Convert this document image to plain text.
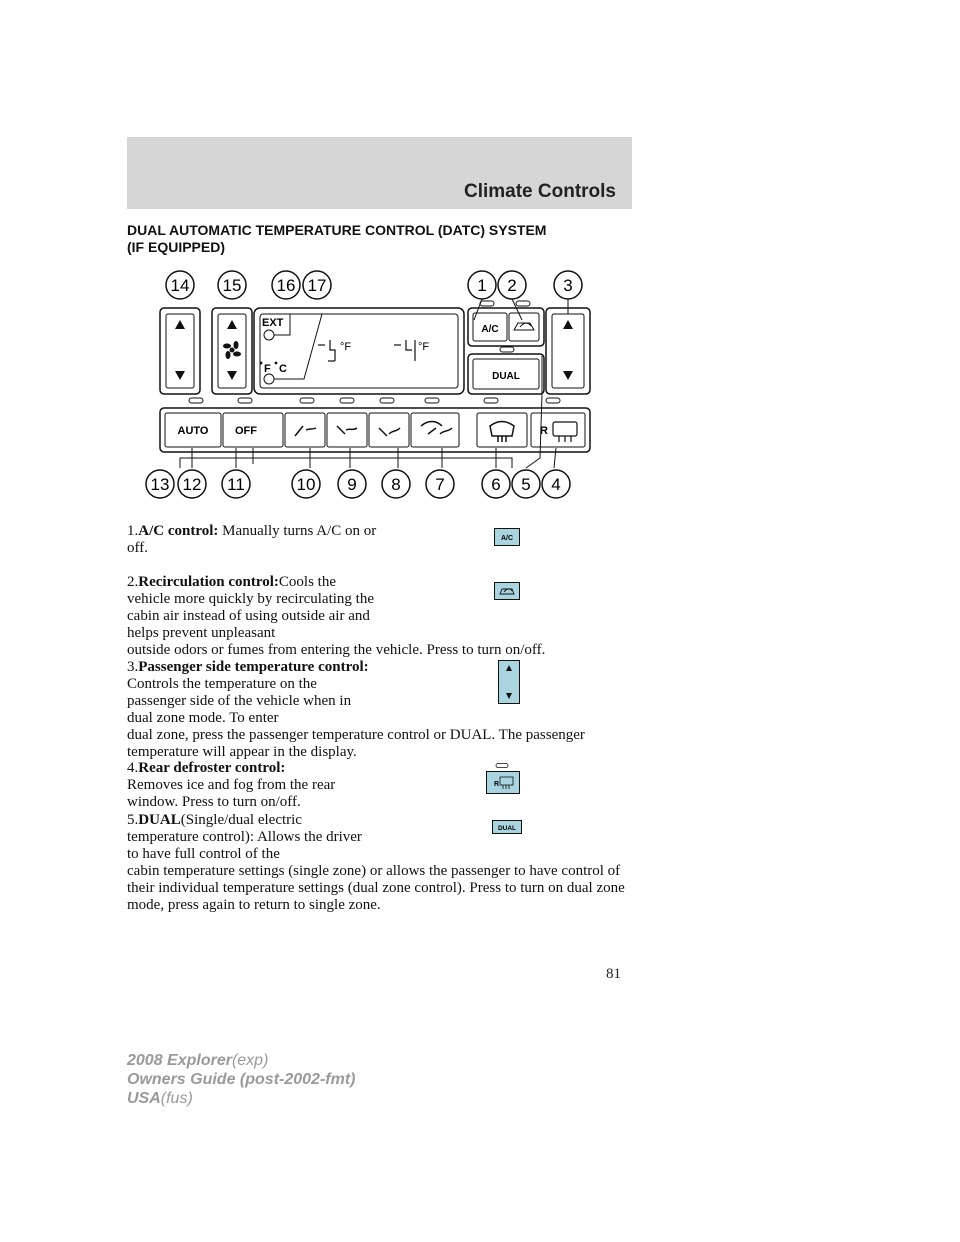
Climate Controls
DUAL AUTOMATIC TEMPERATURE CONTROL (DATC) SYSTEM
(IF EQUIPPED)
14 15 16 17	1 2	3
EXT
F C
°F	°F
A/C
DUAL
AUTO OFF	R
13 12 11	10 9 8 7	6 5 4
1.A/C control: Manually turns A/C on or off.
A/C
2.Recirculation control:Cools the vehicle more quickly by recirculating the cabin air instead of using outside air and helps prevent unpleasant
outside odors or fumes from entering the vehicle. Press to turn on/off.
3.Passenger side temperature control: Controls the temperature on the passenger side of the vehicle when in dual zone mode. To enter
dual zone, press the passenger temperature control or DUAL. The passenger temperature will appear in the display.
4.Rear defroster control:
Removes ice and fog from the rear window. Press to turn on/off.
R
5.DUAL(Single/dual electric temperature control): Allows the driver to have full control of the
cabin temperature settings (single zone) or allows the passenger to have control of their individual temperature settings (dual zone control). Press to turn on dual zone mode, press again to return to single zone.
DUAL
81
2008 Explorer(exp)
Owners Guide (post-2002-fmt)
USA(fus)
